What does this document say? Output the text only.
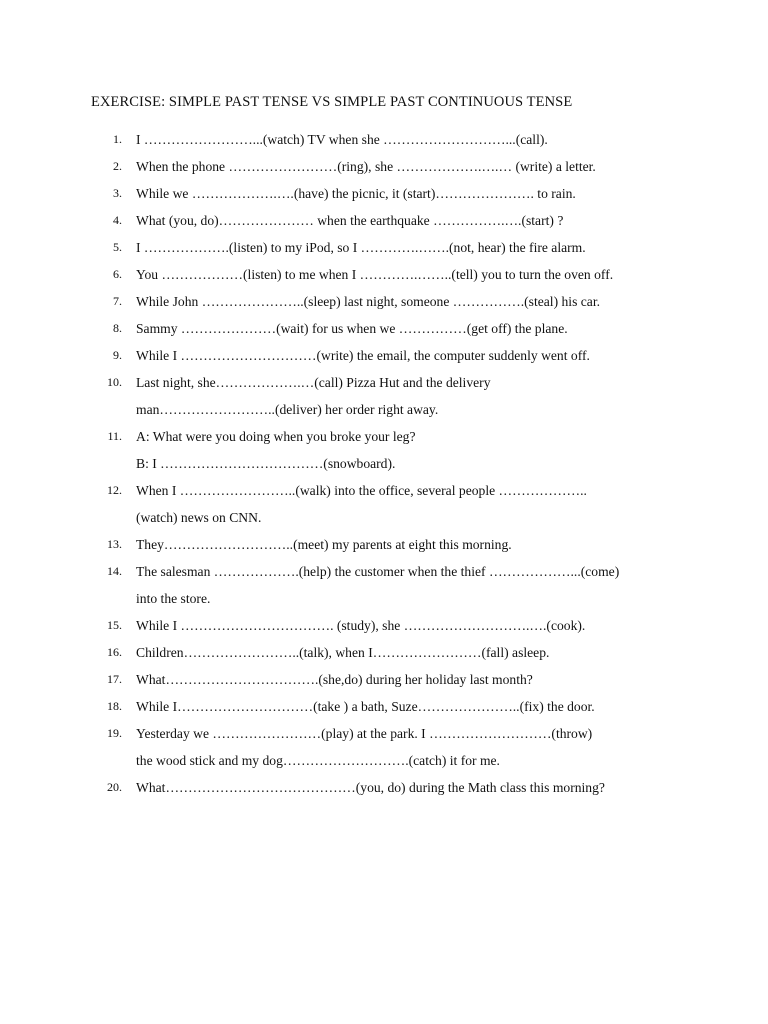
EXERCISE: SIMPLE PAST TENSE VS SIMPLE PAST CONTINUOUS TENSE
1. I ……………………...(watch) TV when she ………………………...(call).
2. When the phone ……………………(ring), she ……………….….… (write) a letter.
3. While we ……………….….(have) the picnic, it (start)…………………. to rain.
4. What (you, do)………………… when the earthquake …………….….(start) ?
5. I ……………….(listen) to my iPod, so I ………….…….(not, hear) the fire alarm.
6. You ………………(listen) to me when I ………….……..(tell) you to turn the oven off.
7. While John …………………..(sleep) last night, someone …………….(steal) his car.
8. Sammy …………………(wait) for us when we ……………(get off) the plane.
9. While I …………………………(write) the email, the computer suddenly went off.
10. Last night, she……………….…(call) Pizza Hut and the delivery
man……………………..(deliver) her order right away.
11. A: What were you doing when you broke your leg?
B: I ………………………………(snowboard).
12. When I ……………………..(walk) into the office, several people ………………..
(watch) news on CNN.
13. They………………………..(meet) my parents at eight this morning.
14. The salesman ……………….(help) the customer when the thief ………………...(come)
into the store.
15. While I ……………………………. (study), she ……………………….….(cook).
16. Children……………………..(talk), when I……………………(fall) asleep.
17. What…………………………….(she,do) during her holiday last month?
18. While I…………………………(take ) a bath, Suze…………………..(fix) the door.
19. Yesterday we ……………………(play) at the park. I ………………………(throw)
the wood stick and my dog……………………….(catch) it for me.
20. What……………………………………(you, do) during the Math class this morning?
